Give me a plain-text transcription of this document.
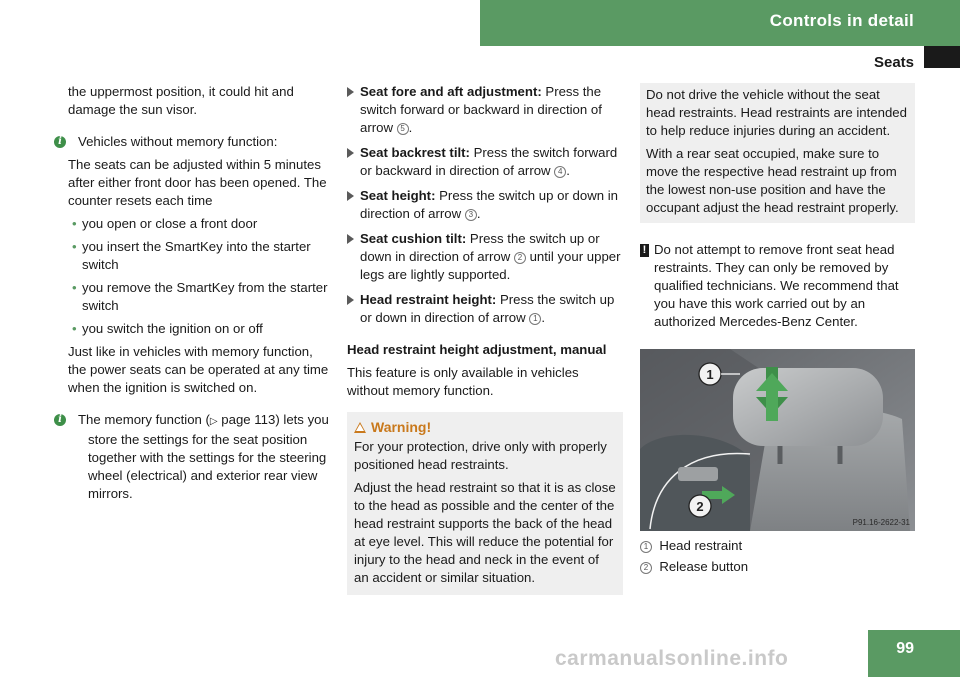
Controls in detail
Seats

the uppermost position, it could hit and damage the sun visor.

i	Vehicles without memory function:

The seats can be adjusted within 5 minutes after either front door has been opened. The counter resets each time

• you open or close a front door
• you insert the SmartKey into the starter switch
• you remove the SmartKey from the starter switch
• you switch the ignition on or off

Just like in vehicles with memory function, the power seats can be operated at any time when the ignition is switched on.

i	The memory function (▷ page 113) lets you store the settings for the seat position together with the settings for the steering wheel (electrical) and exterior rear view mirrors.

Seat fore and aft adjustment: Press the switch forward or backward in direction of arrow 5 .
Seat backrest tilt: Press the switch forward or backward in direction of arrow 4 .
Seat height: Press the switch up or down in direction of arrow 3 .
Seat cushion tilt: Press the switch up or down in direction of arrow 2 until your upper legs are lightly supported.
Head restraint height: Press the switch up or down in direction of arrow 1 .

Head restraint height adjustment, manual

This feature is only available in vehicles without memory function.

Warning!

For your protection, drive only with properly positioned head restraints.

Adjust the head restraint so that it is as close to the head as possible and the center of the head restraint supports the back of the head at eye level. This will reduce the potential for injury to the head and neck in the event of an accident or similar situation.

Do not drive the vehicle without the seat head restraints. Head restraints are intended to help reduce injuries during an accident.

With a rear seat occupied, make sure to move the respective head restraint up from the lowest non-use position and have the occupant adjust the head restraint properly.

! Do not attempt to remove front seat head restraints. They can only be removed by qualified technicians. We recommend that you have this work carried out by an authorized Mercedes-Benz Center.

1
2
P91.16-2622-31
1 Head restraint
2 Release button
carmanualsonline.info	99
